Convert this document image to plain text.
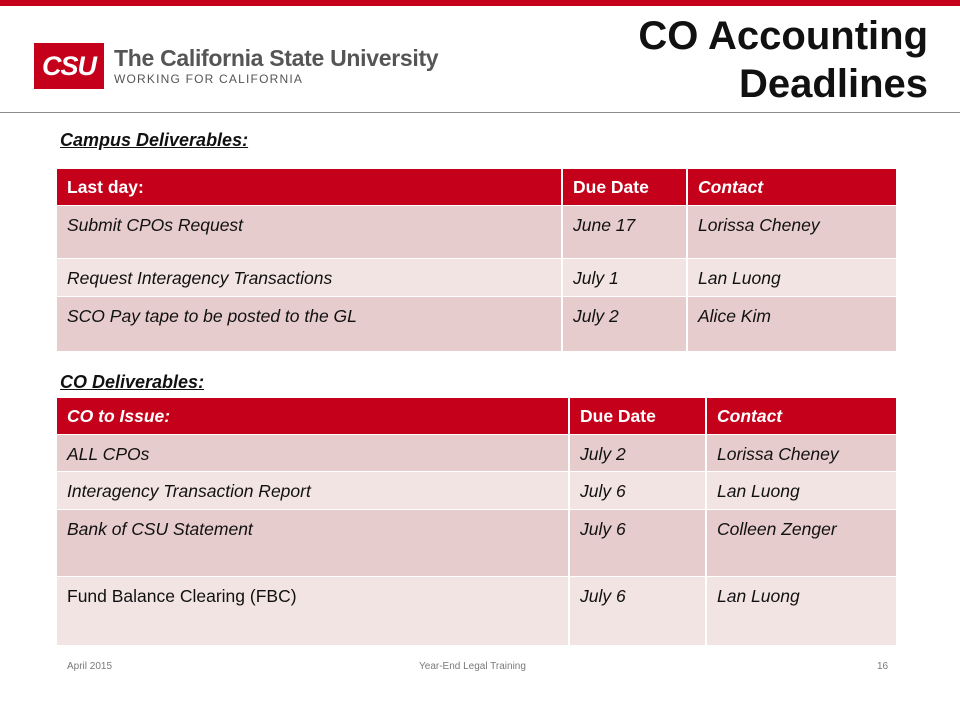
CSU The California State University
WORKING FOR CALIFORNIA
CO Accounting
Deadlines
Campus Deliverables:
Last day:	Due Date	Contact
Submit CPOs Request	June 17	Lorissa Cheney
Request Interagency Transactions	July 1	Lan Luong
SCO Pay tape to be posted to the GL	July 2	Alice Kim
CO Deliverables:
CO to Issue:	Due Date	Contact
ALL CPOs	July 2	Lorissa Cheney
Interagency Transaction Report	July 6	Lan Luong
Bank of CSU Statement	July 6	Colleen Zenger
Fund Balance Clearing (FBC)	July 6	Lan Luong
April 2015	Year-End Legal Training	16
